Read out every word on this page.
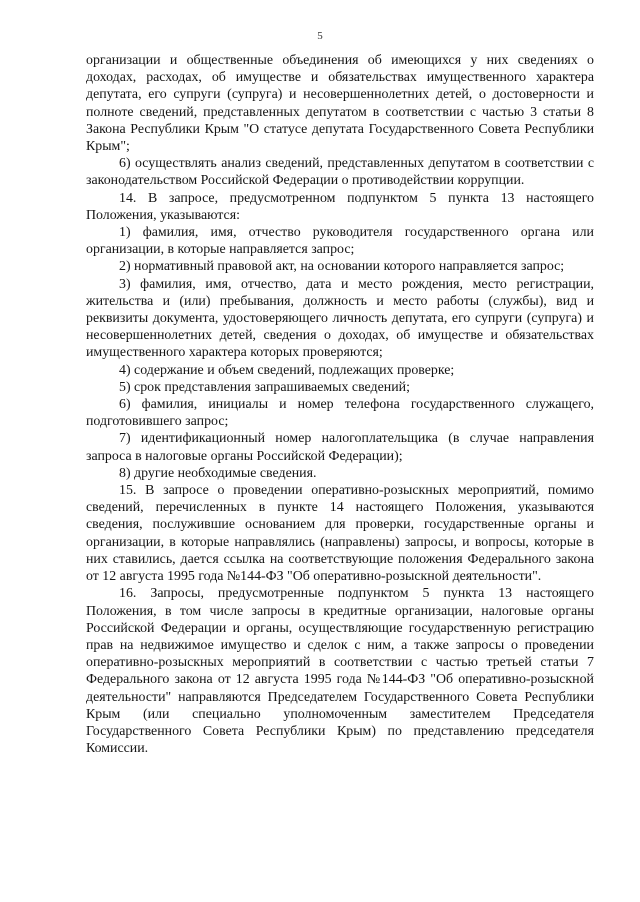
5

организации и общественные объединения об имеющихся у них сведениях о доходах, расходах, об имуществе и обязательствах имущественного характера депутата, его супруги (супруга) и несовершеннолетних детей, о достоверности и полноте сведений, представленных депутатом в соответствии с частью 3 статьи 8 Закона Республики Крым "О статусе депутата Государственного Совета Республики Крым";

6) осуществлять анализ сведений, представленных депутатом в соответствии с законодательством Российской Федерации о противодействии коррупции.

14. В запросе, предусмотренном подпунктом 5 пункта 13 настоящего Положения, указываются:

1) фамилия, имя, отчество руководителя государственного органа или организации, в которые направляется запрос;

2) нормативный правовой акт, на основании которого направляется запрос;

3) фамилия, имя, отчество, дата и место рождения, место регистрации, жительства и (или) пребывания, должность и место работы (службы), вид и реквизиты документа, удостоверяющего личность депутата, его супруги (супруга) и несовершеннолетних детей, сведения о доходах, об имуществе и обязательствах имущественного характера которых проверяются;

4) содержание и объем сведений, подлежащих проверке;

5) срок представления запрашиваемых сведений;

6) фамилия, инициалы и номер телефона государственного служащего, подготовившего запрос;

7) идентификационный номер налогоплательщика (в случае направления запроса в налоговые органы Российской Федерации);

8) другие необходимые сведения.

15. В запросе о проведении оперативно-розыскных мероприятий, помимо сведений, перечисленных в пункте 14 настоящего Положения, указываются сведения, послужившие основанием для проверки, государственные органы и организации, в которые направлялись (направлены) запросы, и вопросы, которые в них ставились, дается ссылка на соответствующие положения Федерального закона от 12 августа 1995 года №144-ФЗ "Об оперативно-розыскной деятельности".

16. Запросы, предусмотренные подпунктом 5 пункта 13 настоящего Положения, в том числе запросы в кредитные организации, налоговые органы Российской Федерации и органы, осуществляющие государственную регистрацию прав на недвижимое имущество и сделок с ним, а также запросы о проведении оперативно-розыскных мероприятий в соответствии с частью третьей статьи 7 Федерального закона от 12 августа 1995 года №144-ФЗ "Об оперативно-розыскной деятельности" направляются Председателем Государственного Совета Республики Крым (или специально уполномоченным заместителем Председателя Государственного Совета Республики Крым) по представлению председателя Комиссии.
